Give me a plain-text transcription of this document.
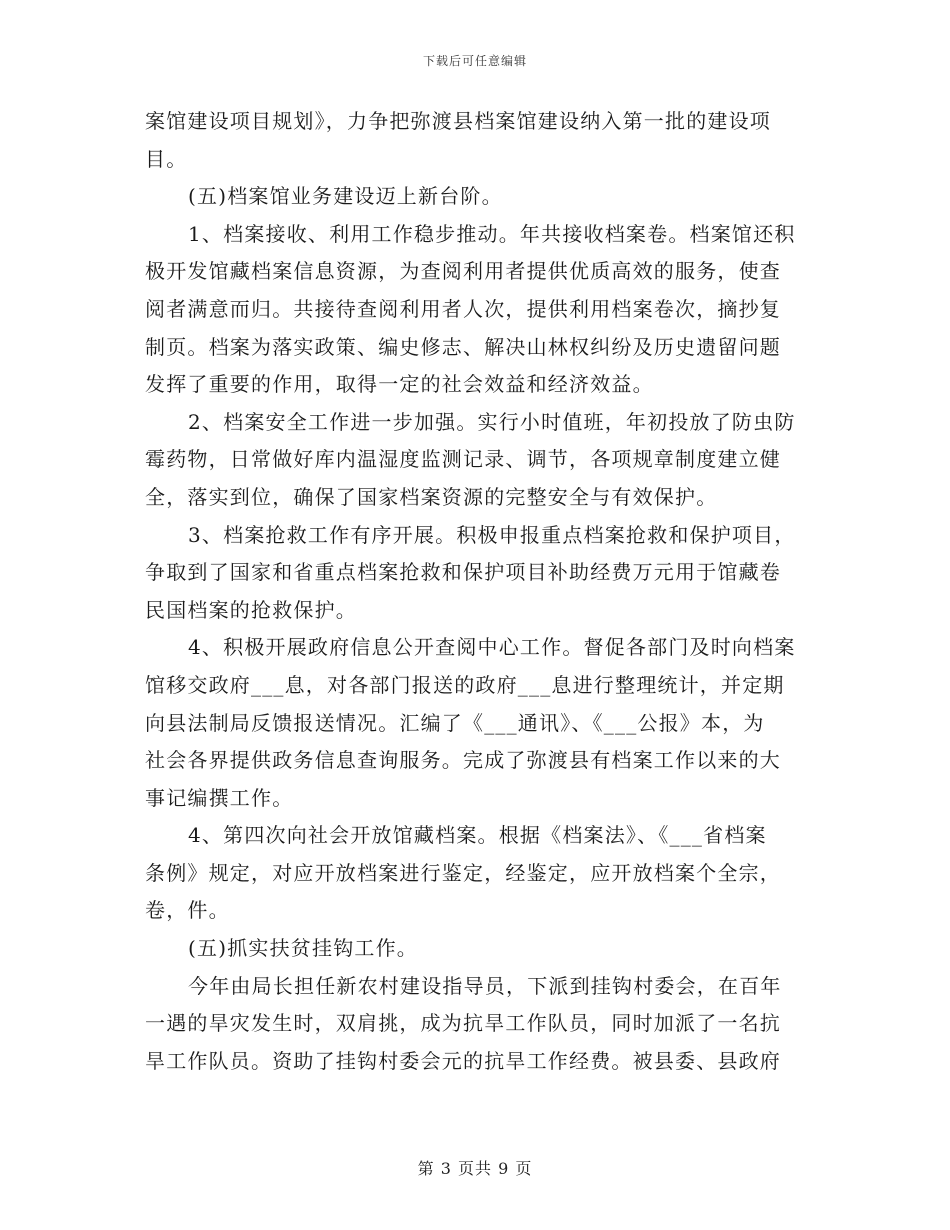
下载后可任意编辑
案馆建设项目规划》，力争把弥渡县档案馆建设纳入第一批的建设项
目。
(五)档案馆业务建设迈上新台阶。
1、档案接收、利用工作稳步推动。年共接收档案卷。档案馆还积
极开发馆藏档案信息资源，为查阅利用者提供优质高效的服务，使查
阅者满意而归。共接待查阅利用者人次，提供利用档案卷次，摘抄复
制页。档案为落实政策、编史修志、解决山林权纠纷及历史遗留问题
发挥了重要的作用，取得一定的社会效益和经济效益。
2、档案安全工作进一步加强。实行小时值班，年初投放了防虫防
霉药物，日常做好库内温湿度监测记录、调节，各项规章制度建立健
全，落实到位，确保了国家档案资源的完整安全与有效保护。
3、档案抢救工作有序开展。积极申报重点档案抢救和保护项目，
争取到了国家和省重点档案抢救和保护项目补助经费万元用于馆藏卷
民国档案的抢救保护。
4、积极开展政府信息公开查阅中心工作。督促各部门及时向档案
馆移交政府___息，对各部门报送的政府___息进行整理统计，并定期
向县法制局反馈报送情况。汇编了《___通讯》、《___公报》本，为
社会各界提供政务信息查询服务。完成了弥渡县有档案工作以来的大
事记编撰工作。
4、第四次向社会开放馆藏档案。根据《档案法》、《___省档案
条例》规定，对应开放档案进行鉴定，经鉴定，应开放档案个全宗，
卷，件。
(五)抓实扶贫挂钩工作。
今年由局长担任新农村建设指导员，下派到挂钩村委会，在百年
一遇的旱灾发生时，双肩挑，成为抗旱工作队员，同时加派了一名抗
旱工作队员。资助了挂钩村委会元的抗旱工作经费。被县委、县政府
第 3 页共 9 页
